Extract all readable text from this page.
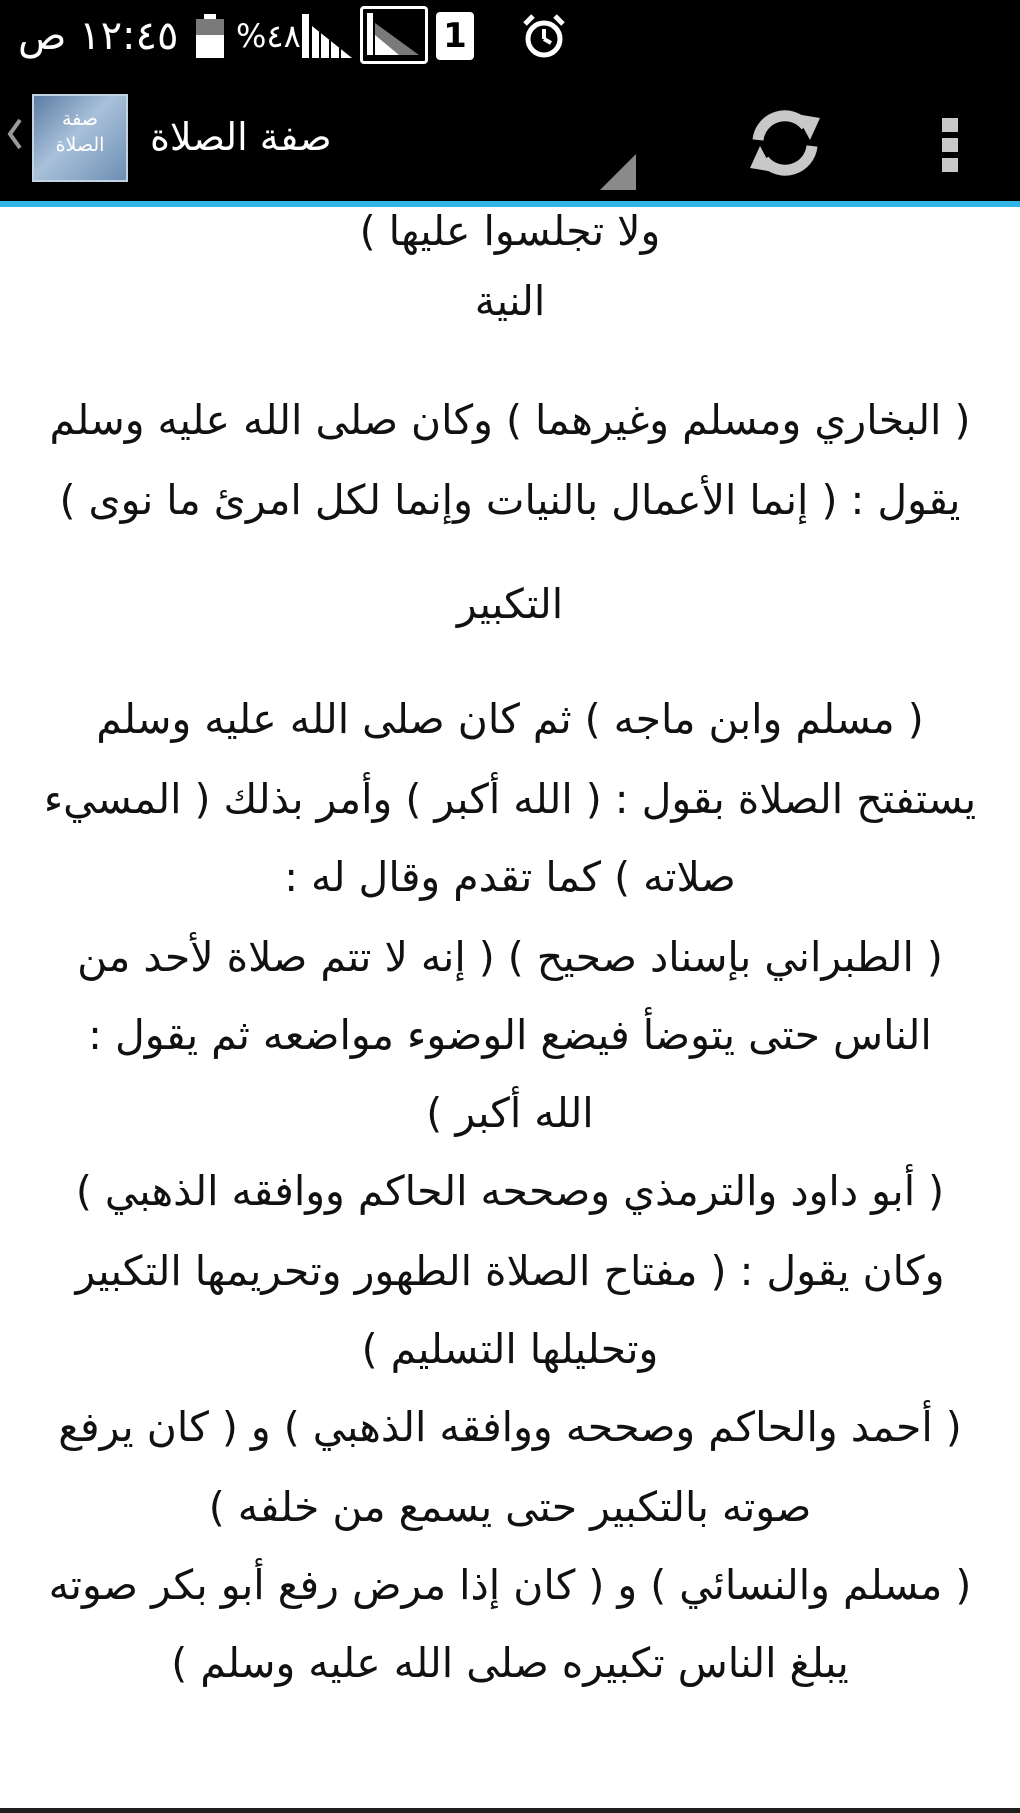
١٢:٤٥ ص %٤٨	1
صفة
الصلاة	صفة الصلاة
ولا تجلسوا عليها )
النية
( البخاري ومسلم وغيرهما ) وكان صلى الله عليه وسلم
يقول : ( إنما الأعمال بالنيات وإنما لكل امرئ ما نوى )
التكبير
( مسلم وابن ماجه ) ثم كان صلى الله عليه وسلم
يستفتح الصلاة بقول : ( الله أكبر ) وأمر بذلك ( المسيء
صلاته ) كما تقدم وقال له :
( الطبراني بإسناد صحيح ) ( إنه لا تتم صلاة لأحد من
الناس حتى يتوضأ فيضع الوضوء مواضعه ثم يقول :
الله أكبر )
( أبو داود والترمذي وصححه الحاكم ووافقه الذهبي )
وكان يقول : ( مفتاح الصلاة الطهور وتحريمها التكبير
وتحليلها التسليم )
( أحمد والحاكم وصححه ووافقه الذهبي ) و ( كان يرفع
صوته بالتكبير حتى يسمع من خلفه )
( مسلم والنسائي ) و ( كان إذا مرض رفع أبو بكر صوته
يبلغ الناس تكبيره صلى الله عليه وسلم )
